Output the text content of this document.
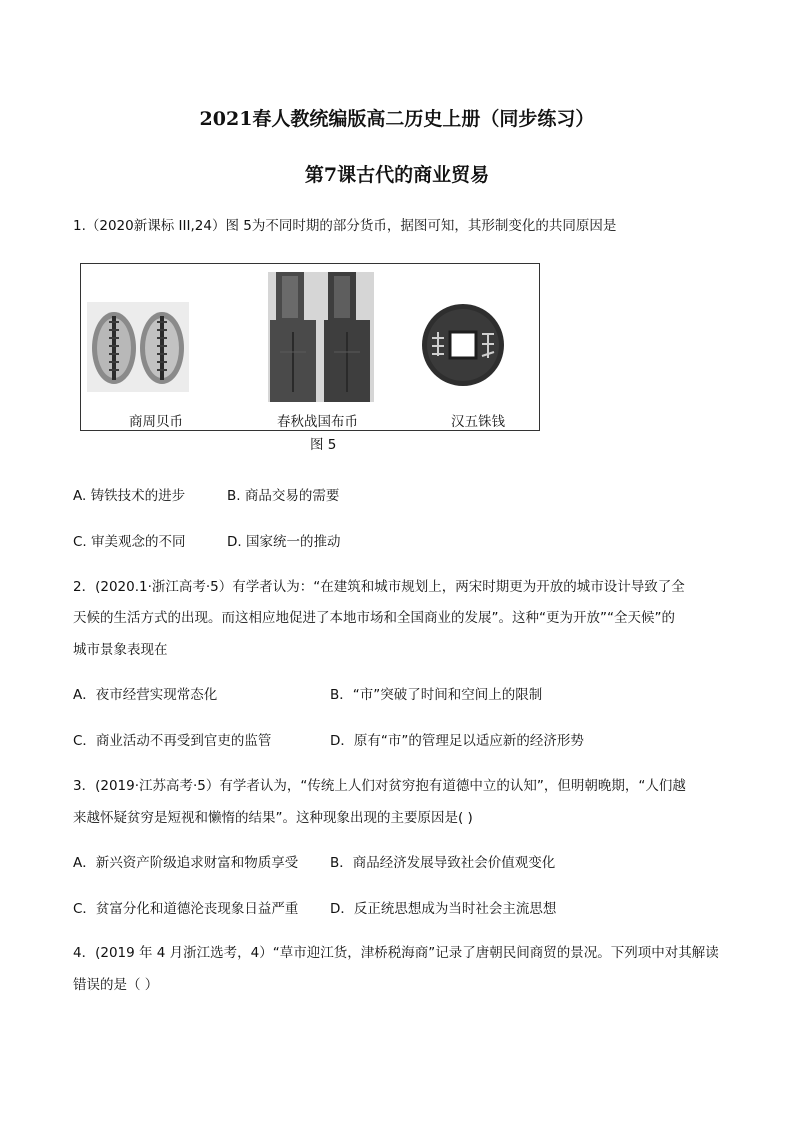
2021春人教统编版高二历史上册（同步练习）
第7课古代的商业贸易

1.（2020新课标 III,24）图 5为不同时期的部分货币，据图可知，其形制变化的共同原因是

商周贝币	春秋战国布币	汉五铢钱
图 5

A. 铸铁技术的进步	B. 商品交易的需要

C. 审美观念的不同	D. 国家统一的推动

2．(2020.1·浙江高考·5）有学者认为：“在建筑和城市规划上，两宋时期更为开放的城市设计导致了全

天候的生活方式的出现。而这相应地促进了本地市场和全国商业的发展”。这种“更为开放”“全天候”的

城市景象表现在

A．夜市经营实现常态化	B．“市”突破了时间和空间上的限制

C．商业活动不再受到官吏的监管	D．原有“市”的管理足以适应新的经济形势

3．(2019·江苏高考·5）有学者认为，“传统上人们对贫穷抱有道德中立的认知”，但明朝晚期，“人们越

来越怀疑贫穷是短视和懒惰的结果”。这种现象出现的主要原因是( )

A．新兴资产阶级追求财富和物质享受 B．商品经济发展导致社会价值观变化

C．贫富分化和道德沦丧现象日益严重 D．反正统思想成为当时社会主流思想

4．(2019 年 4 月浙江选考，4）“草市迎江货，津桥税海商”记录了唐朝民间商贸的景况。下列项中对其解读

错误的是（ ）
